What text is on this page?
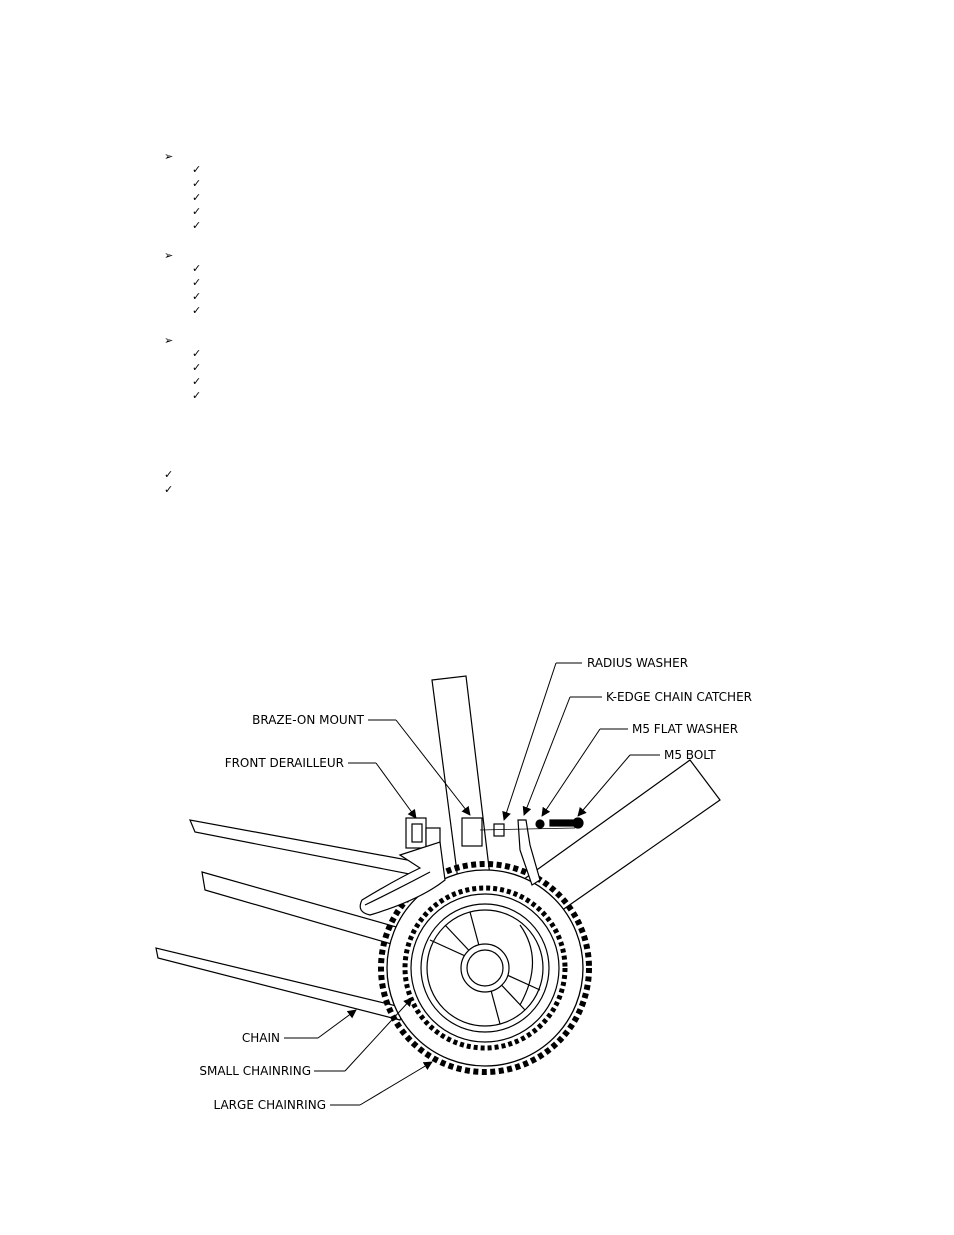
➢
✓
✓
✓
✓
✓
➢
✓
✓
✓
✓
➢
✓
✓
✓
✓
✓
✓
RADIUS WASHER
K-EDGE CHAIN CATCHER
M5 FLAT WASHER
M5 BOLT
BRAZE-ON MOUNT
FRONT DERAILLEUR
CHAIN
SMALL CHAINRING
LARGE CHAINRING
